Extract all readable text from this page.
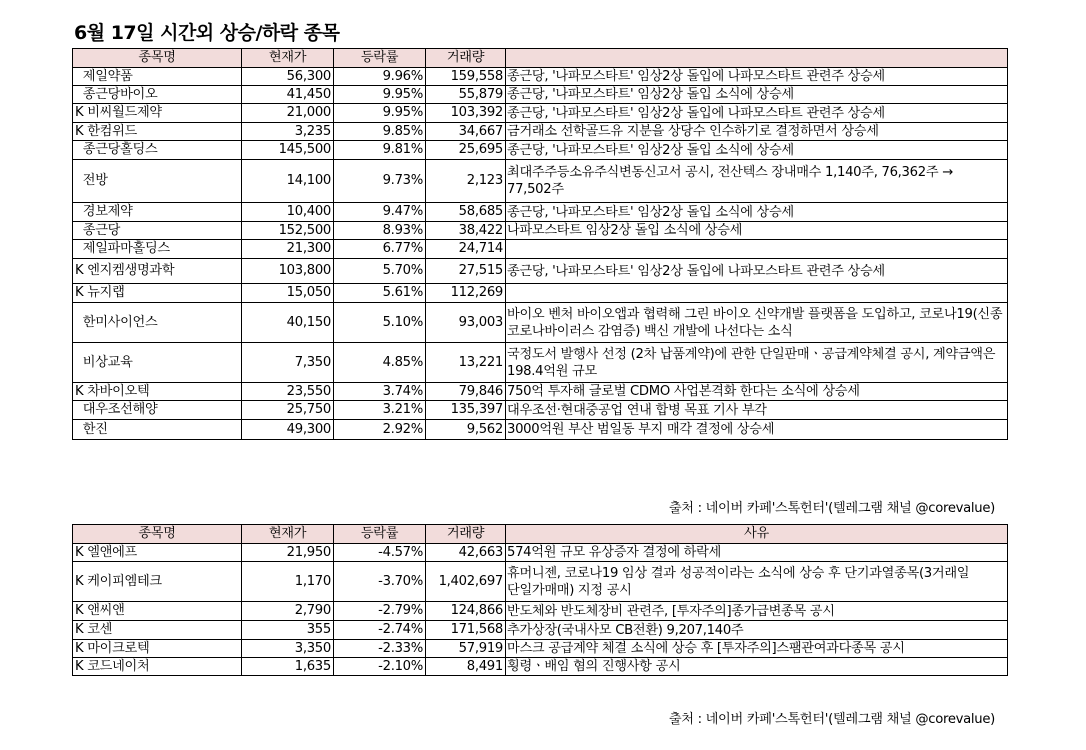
6월 17일 시간외 상승/하락 종목
종목명	현재가	등락률	거래량	
제일약품	56,300	9.96%	159,558	종근당, '나파모스타트' 임상2상 돌입에 나파모스타트 관련주 상승세
종근당바이오	41,450	9.95%	55,879	종근당, '나파모스타트' 임상2상 돌입 소식에 상승세
K 비씨월드제약	21,000	9.95%	103,392	종근당, '나파모스타트' 임상2상 돌입에 나파모스타트 관련주 상승세
K 한컴위드	3,235	9.85%	34,667	금거래소 선학골드유 지분을 상당수 인수하기로 결정하면서 상승세
종근당홀딩스	145,500	9.81%	25,695	종근당, '나파모스타트' 임상2상 돌입 소식에 상승세
전방	14,100	9.73%	2,123	최대주주등소유주식변동신고서 공시, 전산텍스 장내매수 1,140주, 76,362주 → 77,502주
경보제약	10,400	9.47%	58,685	종근당, '나파모스타트' 임상2상 돌입 소식에 상승세
종근당	152,500	8.93%	38,422	나파모스타트 임상2상 돌입 소식에 상승세
제일파마홀딩스	21,300	6.77%	24,714	
K 엔지켐생명과학	103,800	5.70%	27,515	종근당, '나파모스타트' 임상2상 돌입에 나파모스타트 관련주 상승세
K 뉴지랩	15,050	5.61%	112,269	
한미사이언스	40,150	5.10%	93,003	바이오 벤처 바이오앱과 협력해 그린 바이오 신약개발 플랫폼을 도입하고, 코로나19(신종 코로나바이러스 감염증) 백신 개발에 나선다는 소식
비상교육	7,350	4.85%	13,221	국정도서 발행사 선정 (2차 납품계약)에 관한 단일판매ㆍ공급계약체결 공시, 계약금액은 198.4억원 규모
K 차바이오텍	23,550	3.74%	79,846	750억 투자해 글로벌 CDMO 사업본격화 한다는 소식에 상승세
대우조선해양	25,750	3.21%	135,397	대우조선·현대중공업 연내 합병 목표 기사 부각
한진	49,300	2.92%	9,562	3000억원 부산 범일동 부지 매각 결정에 상승세
출처 : 네이버 카페'스톡헌터'(텔레그램 채널 @corevalue)
종목명	현재가	등락률	거래량	사유
K 엘앤에프	21,950	-4.57%	42,663	574억원 규모 유상증자 결정에 하락세
K 케이피엠테크	1,170	-3.70%	1,402,697	휴머니젠, 코로나19 임상 결과 성공적이라는 소식에 상승 후 단기과열종목(3거래일 단일가매매) 지정 공시
K 앤씨앤	2,790	-2.79%	124,866	반도체와 반도체장비 관련주, [투자주의]종가급변종목 공시
K 코센	355	-2.74%	171,568	추가상장(국내사모 CB전환) 9,207,140주
K 마이크로텍	3,350	-2.33%	57,919	마스크 공급계약 체결 소식에 상승 후 [투자주의]스팸관여과다종목 공시
K 코드네이처	1,635	-2.10%	8,491	횡령ㆍ배임 혐의 진행사항 공시
출처 : 네이버 카페'스톡헌터'(텔레그램 채널 @corevalue)
